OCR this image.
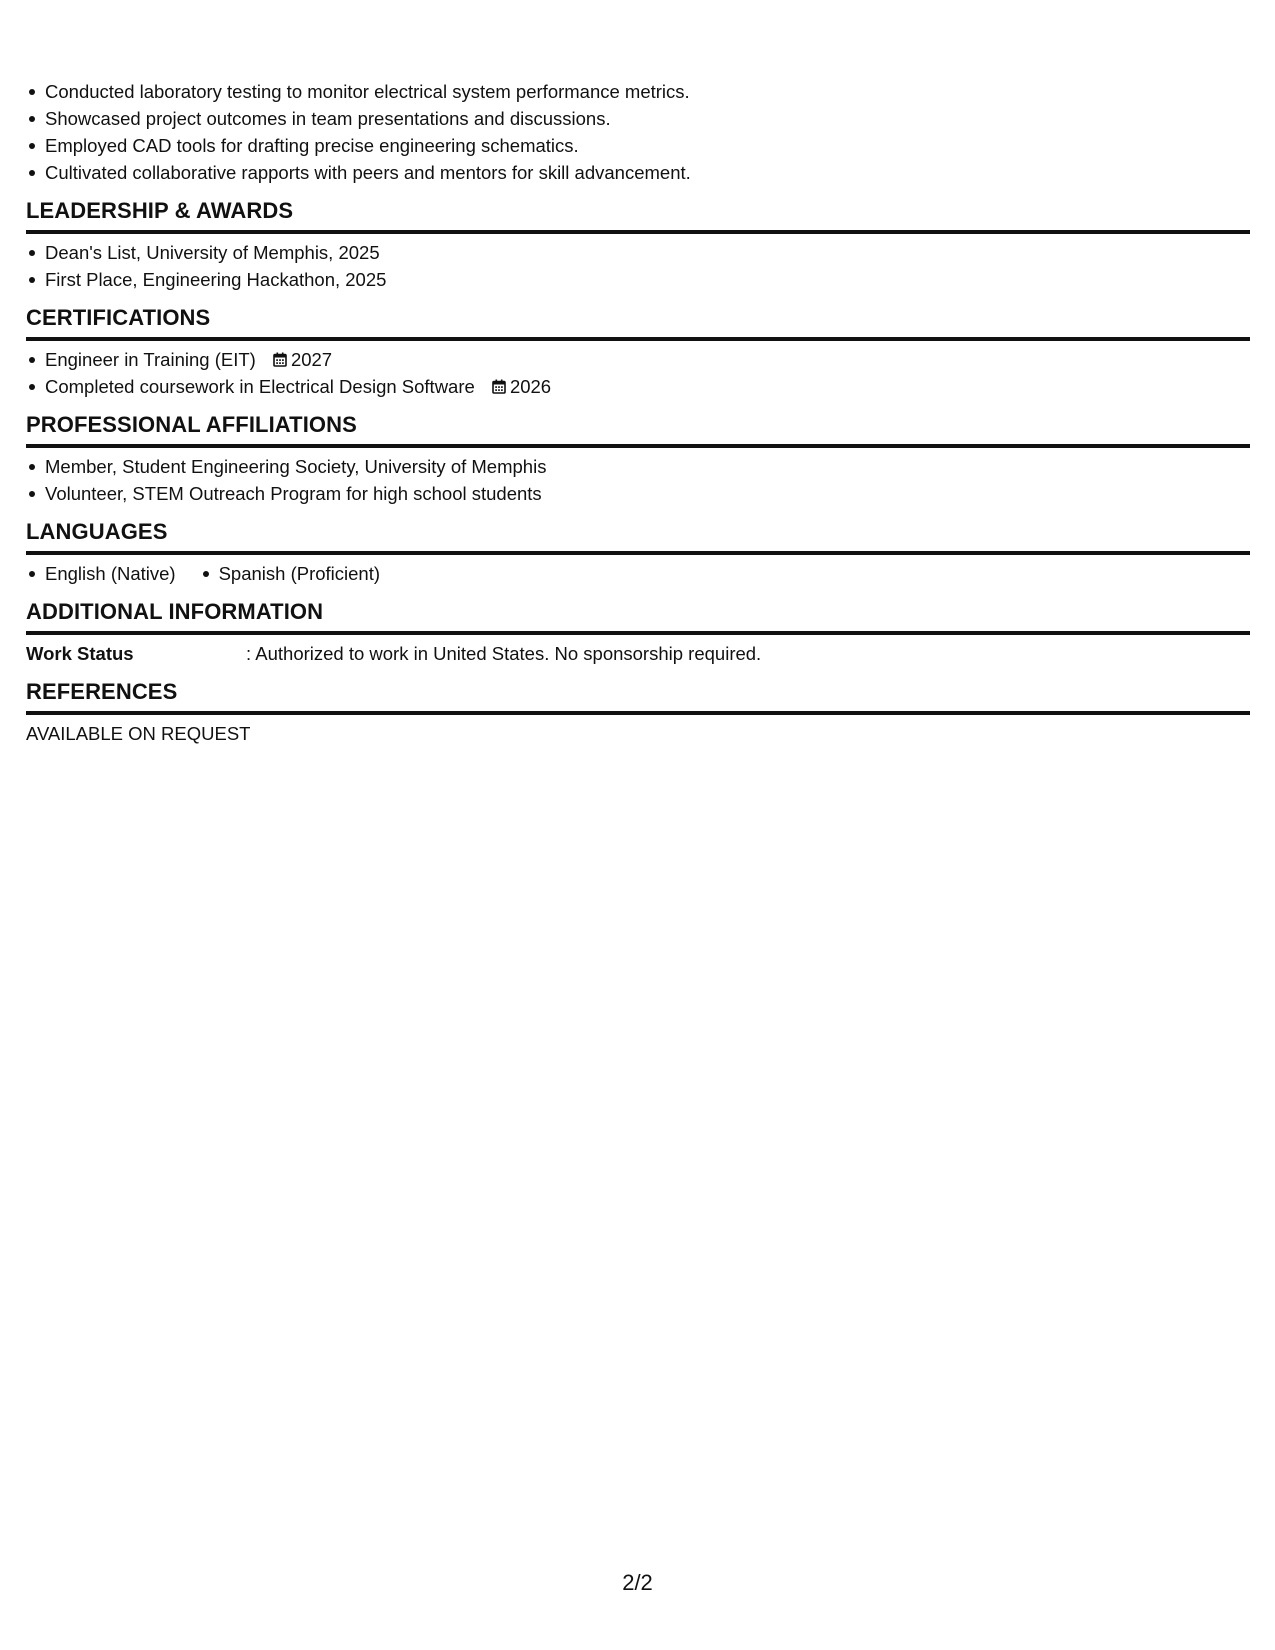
Conducted laboratory testing to monitor electrical system performance metrics.
Showcased project outcomes in team presentations and discussions.
Employed CAD tools for drafting precise engineering schematics.
Cultivated collaborative rapports with peers and mentors for skill advancement.
LEADERSHIP & AWARDS
Dean's List, University of Memphis, 2025
First Place, Engineering Hackathon, 2025
CERTIFICATIONS
Engineer in Training (EIT) 2027
Completed coursework in Electrical Design Software 2026
PROFESSIONAL AFFILIATIONS
Member, Student Engineering Society, University of Memphis
Volunteer, STEM Outreach Program for high school students
LANGUAGES
English (Native)	Spanish (Proficient)
ADDITIONAL INFORMATION
Work Status	: Authorized to work in United States. No sponsorship required.
REFERENCES
AVAILABLE ON REQUEST
2/2
